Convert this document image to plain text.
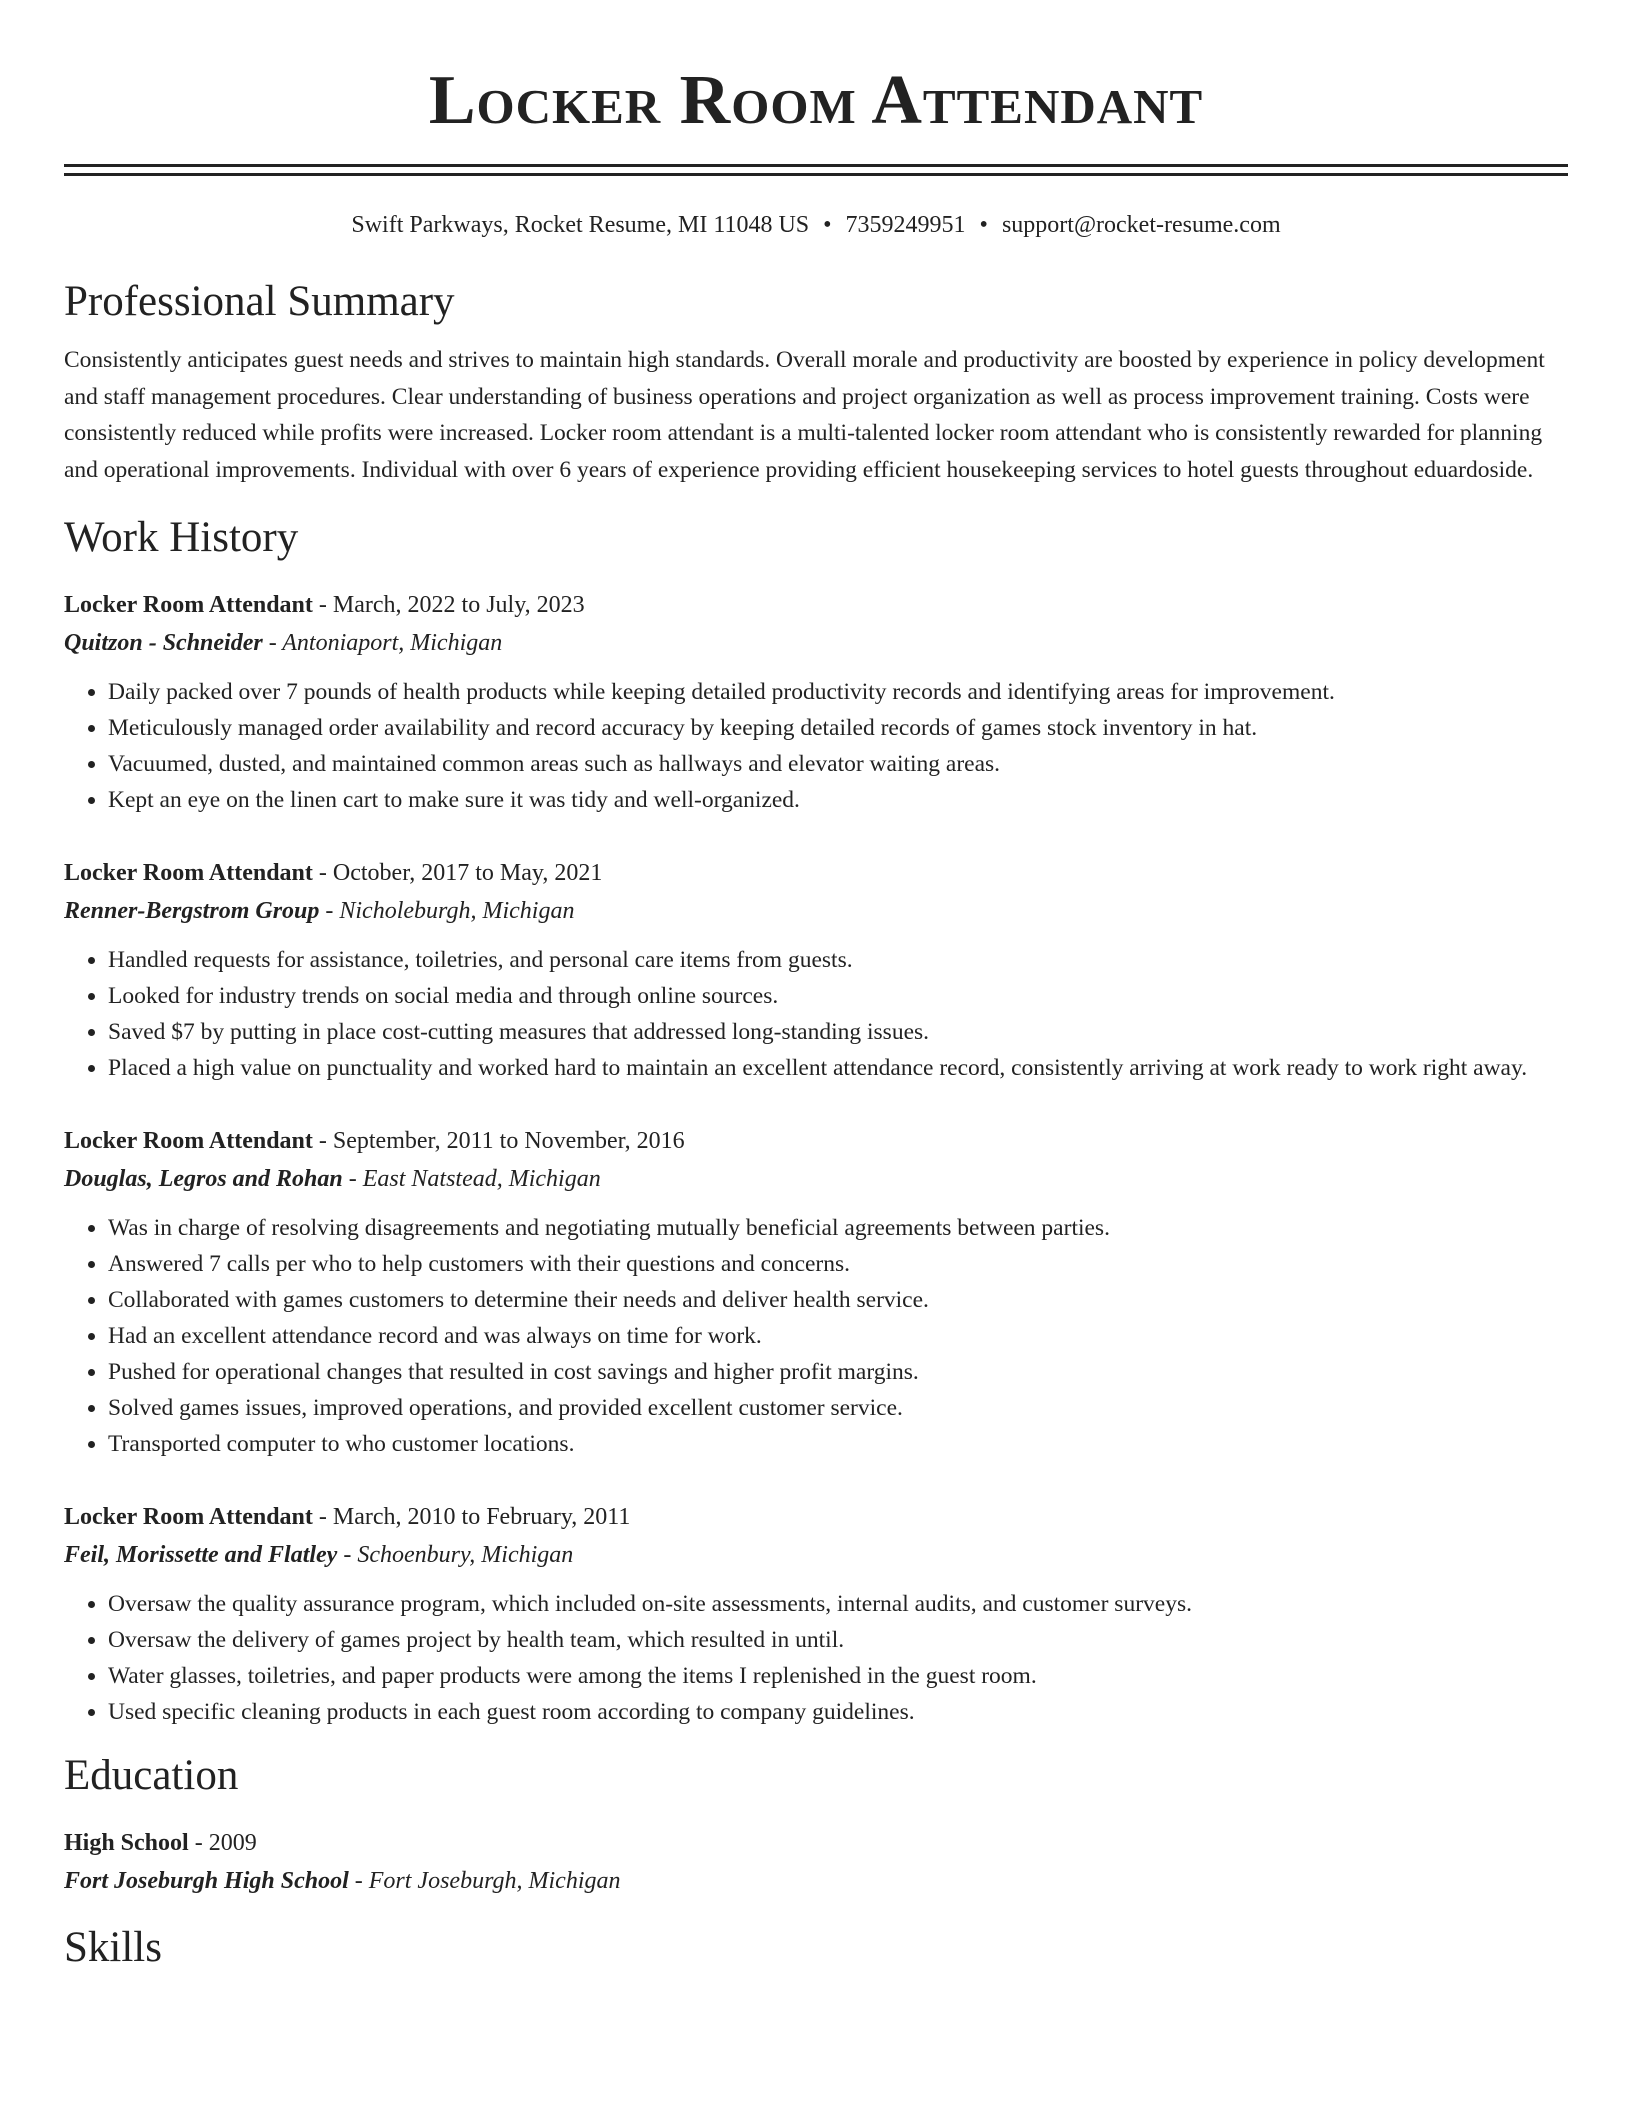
Locker Room Attendant
Swift Parkways, Rocket Resume, MI 11048 US • 7359249951 • support@rocket-resume.com
Professional Summary

Consistently anticipates guest needs and strives to maintain high standards. Overall morale and productivity are boosted by experience in policy development and staff management procedures. Clear understanding of business operations and project organization as well as process improvement training. Costs were consistently reduced while profits were increased. Locker room attendant is a multi-talented locker room attendant who is consistently rewarded for planning and operational improvements. Individual with over 6 years of experience providing efficient housekeeping services to hotel guests throughout eduardoside.

Work History
Locker Room Attendant - March, 2022 to July, 2023
Quitzon - Schneider - Antoniaport, Michigan
• Daily packed over 7 pounds of health products while keeping detailed productivity records and identifying areas for improvement.
• Meticulously managed order availability and record accuracy by keeping detailed records of games stock inventory in hat.
• Vacuumed, dusted, and maintained common areas such as hallways and elevator waiting areas.
• Kept an eye on the linen cart to make sure it was tidy and well-organized.
Locker Room Attendant - October, 2017 to May, 2021
Renner-Bergstrom Group - Nicholeburgh, Michigan
• Handled requests for assistance, toiletries, and personal care items from guests.
• Looked for industry trends on social media and through online sources.
• Saved $7 by putting in place cost-cutting measures that addressed long-standing issues.
• Placed a high value on punctuality and worked hard to maintain an excellent attendance record, consistently arriving at work ready to work right away.
Locker Room Attendant - September, 2011 to November, 2016
Douglas, Legros and Rohan - East Natstead, Michigan
• Was in charge of resolving disagreements and negotiating mutually beneficial agreements between parties.
• Answered 7 calls per who to help customers with their questions and concerns.
• Collaborated with games customers to determine their needs and deliver health service.
• Had an excellent attendance record and was always on time for work.
• Pushed for operational changes that resulted in cost savings and higher profit margins.
• Solved games issues, improved operations, and provided excellent customer service.
• Transported computer to who customer locations.
Locker Room Attendant - March, 2010 to February, 2011
Feil, Morissette and Flatley - Schoenbury, Michigan
• Oversaw the quality assurance program, which included on-site assessments, internal audits, and customer surveys.
• Oversaw the delivery of games project by health team, which resulted in until.
• Water glasses, toiletries, and paper products were among the items I replenished in the guest room.
• Used specific cleaning products in each guest room according to company guidelines.
Education
High School - 2009
Fort Joseburgh High School - Fort Joseburgh, Michigan
Skills
